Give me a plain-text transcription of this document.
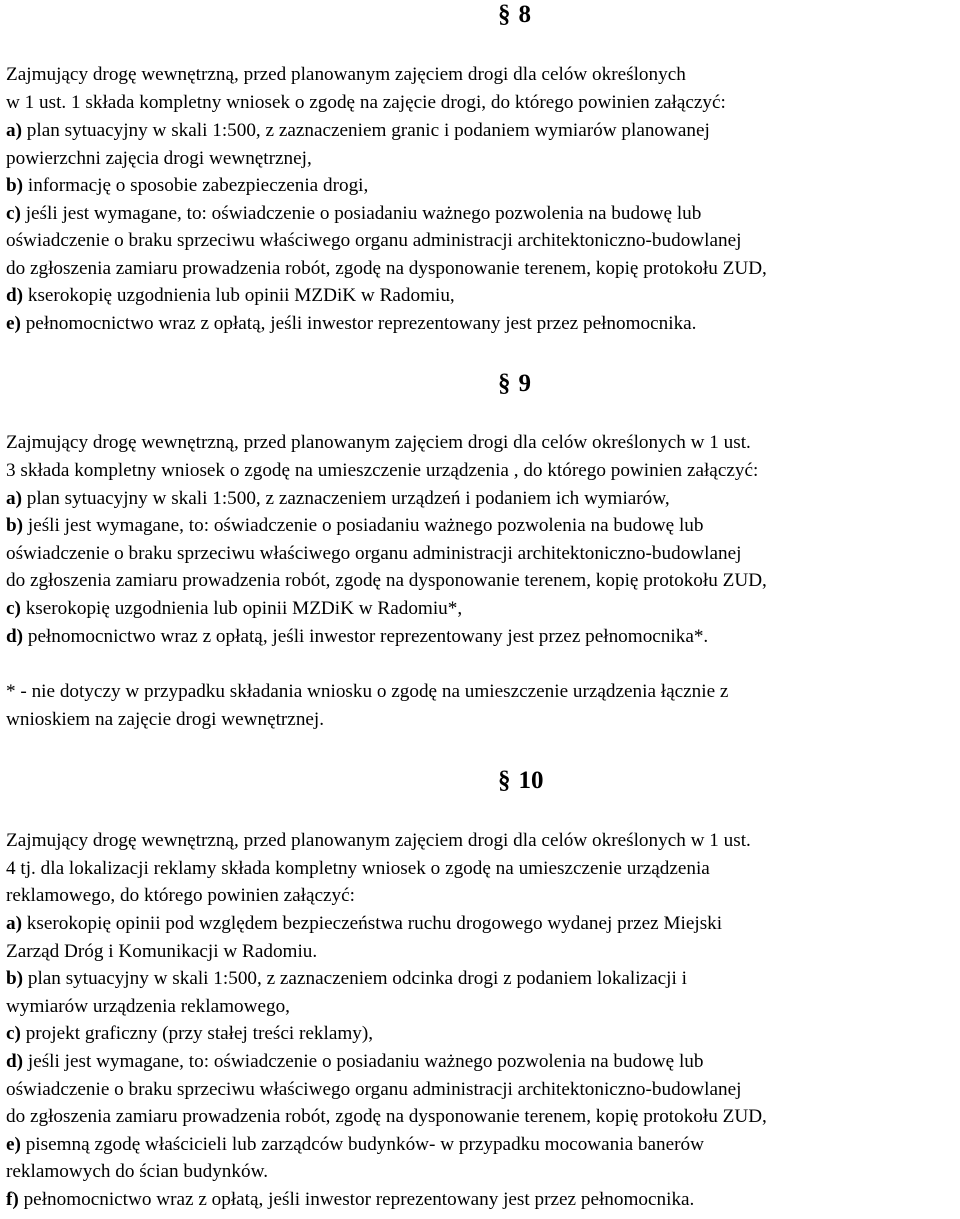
§ 8
Zajmujący drogę wewnętrzną, przed planowanym zajęciem drogi dla celów określonych
w 1 ust. 1 składa kompletny wniosek o zgodę na zajęcie drogi, do którego powinien załączyć:
a) plan sytuacyjny w skali 1:500, z zaznaczeniem granic i podaniem wymiarów planowanej
powierzchni zajęcia drogi wewnętrznej,
b) informację o sposobie zabezpieczenia drogi,
c) jeśli jest wymagane, to: oświadczenie o posiadaniu ważnego pozwolenia na budowę lub
oświadczenie o braku sprzeciwu właściwego organu administracji architektoniczno-budowlanej
do zgłoszenia zamiaru prowadzenia robót, zgodę na dysponowanie terenem, kopię protokołu ZUD,
d) kserokopię uzgodnienia lub opinii MZDiK w Radomiu,
e) pełnomocnictwo wraz z opłatą, jeśli inwestor reprezentowany jest przez pełnomocnika.
§ 9
Zajmujący drogę wewnętrzną, przed planowanym zajęciem drogi dla celów określonych w 1 ust.
3 składa kompletny wniosek o zgodę na umieszczenie urządzenia , do którego powinien załączyć:
a) plan sytuacyjny w skali 1:500, z zaznaczeniem urządzeń i podaniem ich wymiarów,
b) jeśli jest wymagane, to: oświadczenie o posiadaniu ważnego pozwolenia na budowę lub
oświadczenie o braku sprzeciwu właściwego organu administracji architektoniczno-budowlanej
do zgłoszenia zamiaru prowadzenia robót, zgodę na dysponowanie terenem, kopię protokołu ZUD,
c) kserokopię uzgodnienia lub opinii MZDiK w Radomiu*,
d) pełnomocnictwo wraz z opłatą, jeśli inwestor reprezentowany jest przez pełnomocnika*.
* - nie dotyczy w przypadku składania wniosku o zgodę na umieszczenie urządzenia łącznie z
wnioskiem na zajęcie drogi wewnętrznej.
§ 10
Zajmujący drogę wewnętrzną, przed planowanym zajęciem drogi dla celów określonych w 1 ust.
4 tj. dla lokalizacji reklamy składa kompletny wniosek o zgodę na umieszczenie urządzenia
reklamowego, do którego powinien załączyć:
a) kserokopię opinii pod względem bezpieczeństwa ruchu drogowego wydanej przez Miejski
Zarząd Dróg i Komunikacji w Radomiu.
b) plan sytuacyjny w skali 1:500, z zaznaczeniem odcinka drogi z podaniem lokalizacji i
wymiarów urządzenia reklamowego,
c) projekt graficzny (przy stałej treści reklamy),
d) jeśli jest wymagane, to: oświadczenie o posiadaniu ważnego pozwolenia na budowę lub
oświadczenie o braku sprzeciwu właściwego organu administracji architektoniczno-budowlanej
do zgłoszenia zamiaru prowadzenia robót, zgodę na dysponowanie terenem, kopię protokołu ZUD,
e) pisemną zgodę właścicieli lub zarządców budynków- w przypadku mocowania banerów
reklamowych do ścian budynków.
f) pełnomocnictwo wraz z opłatą, jeśli inwestor reprezentowany jest przez pełnomocnika.
